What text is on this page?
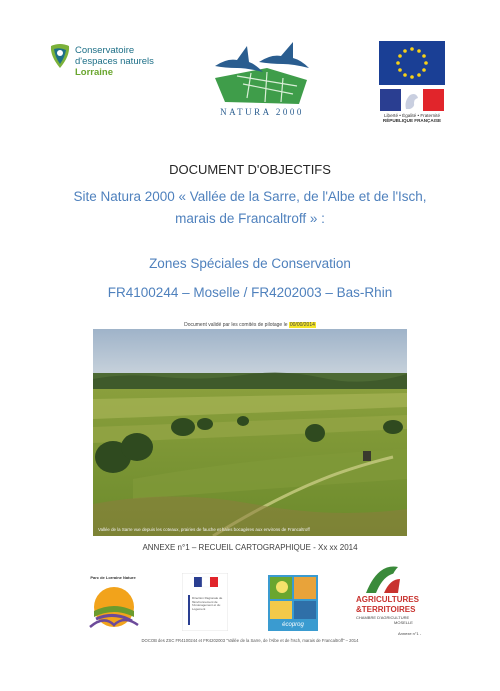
Conservatoire
d'espaces naturels
Lorraine
NATURA 2000	Liberté • Égalité • Fraternité
RÉPUBLIQUE FRANÇAISE
DOCUMENT D'OBJECTIFS
Site Natura 2000 « Vallée de la Sarre, de l'Albe et de l'Isch,
marais de Francaltroff » :
Zones Spéciales de Conservation
FR4100244 – Moselle / FR4202003 – Bas-Rhin
Document validé par les comités de pilotage le 00/00/2014
Vallée de la Sarre vue depuis les coteaux, prairies de fauche et haies bocagères aux environs de Francaltroff
ANNEXE n°1 – RECUEIL CARTOGRAPHIQUE - Xx xx 2014
Parc de Lorraine Nature
Direction Régionale de l'Environnement de l'Aménagement et du Logement
écoprog
AGRICULTURES
&TERRITOIRES
CHAMBRE D'AGRICULTURE
MOSELLE
Annexe n°1 -
DOCOB des ZSC FR4100244 et FR4202003 "Vallée de la Sarre, de l'Albe et de l'Isch, marais de Francaltroff" – 2014
